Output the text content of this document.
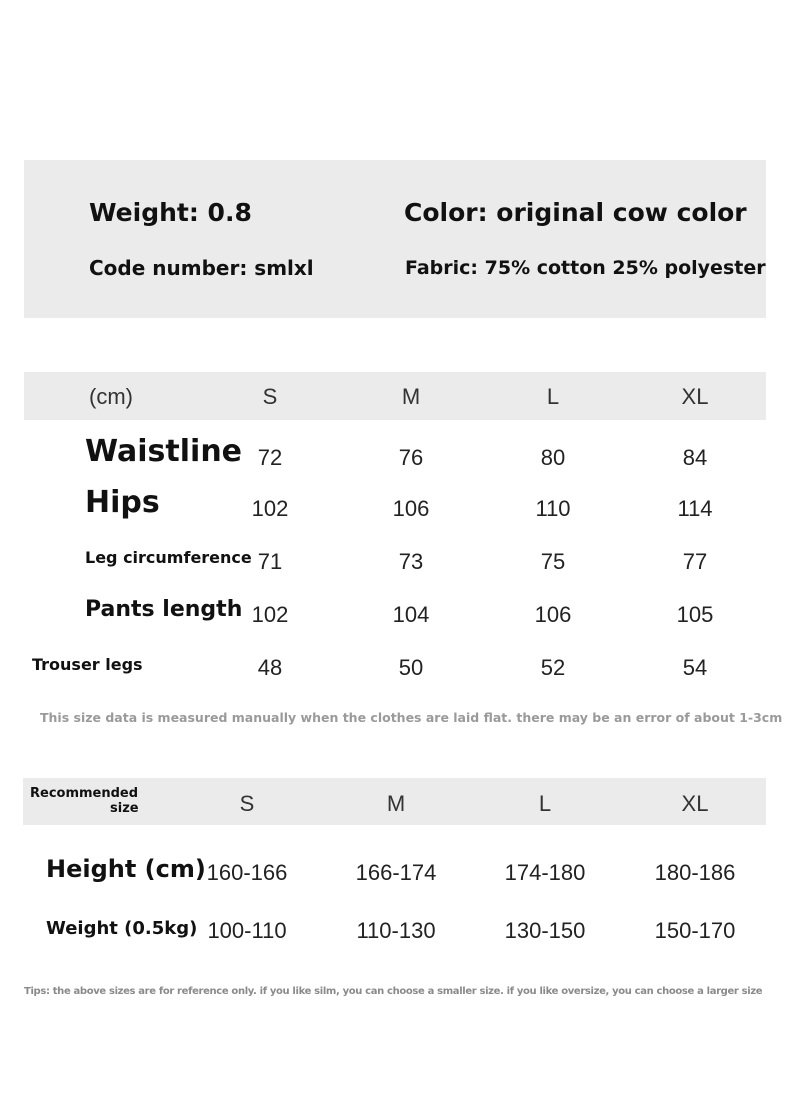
Weight: 0.8	Color: original cow color
Code number: smlxl	Fabric: 75% cotton 25% polyester
(cm)	S	M	L	XL
Waistline 72	76	80	84
Hips	102	106	110	114
Leg circumference 71	73	75	77
Pants length 102	104	106	105
Trouser legs	48	50	52	54
This size data is measured manually when the clothes are laid flat. there may be an error of about 1-3cm
Recommended
size	S	M	L	XL
Height (cm) 160-166	166-174	174-180	180-186
Weight (0.5kg) 100-110	110-130	130-150	150-170
Tips: the above sizes are for reference only. if you like silm, you can choose a smaller size. if you like oversize, you can choose a larger size
